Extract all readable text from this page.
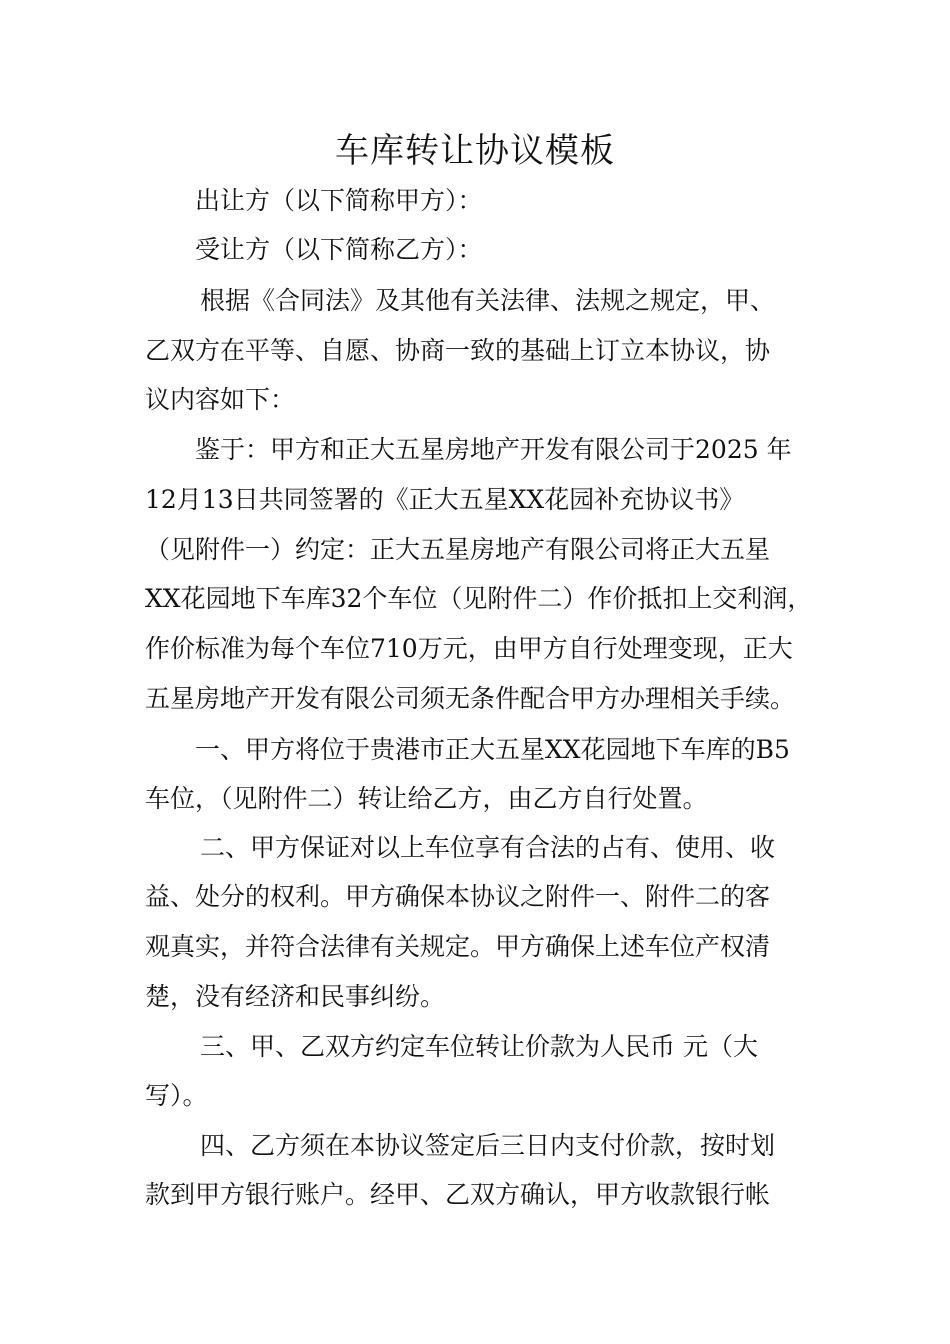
车库转让协议模板

出让方（以下简称甲方）：

受让方（以下简称乙方）：

根据《合同法》及其他有关法律、法规之规定，甲、

乙双方在平等、自愿、协商一致的基础上订立本协议，协

议内容如下：

鉴于：甲方和正大五星房地产开发有限公司于2025 年

12月13日共同签署的《正大五星XX花园补充协议书》

（见附件一）约定：正大五星房地产有限公司将正大五星

XX花园地下车库32个车位（见附件二）作价抵扣上交利润，

作价标准为每个车位710万元，由甲方自行处理变现，正大

五星房地产开发有限公司须无条件配合甲方办理相关手续。

一、甲方将位于贵港市正大五星XX花园地下车库的B5

车位，（见附件二）转让给乙方，由乙方自行处置。

二、甲方保证对以上车位享有合法的占有、使用、收

益、处分的权利。甲方确保本协议之附件一、附件二的客

观真实，并符合法律有关规定。甲方确保上述车位产权清

楚，没有经济和民事纠纷。

三、甲、乙双方约定车位转让价款为人民币 元（大

写）。

四、乙方须在本协议签定后三日内支付价款，按时划

款到甲方银行账户。经甲、乙双方确认，甲方收款银行帐
